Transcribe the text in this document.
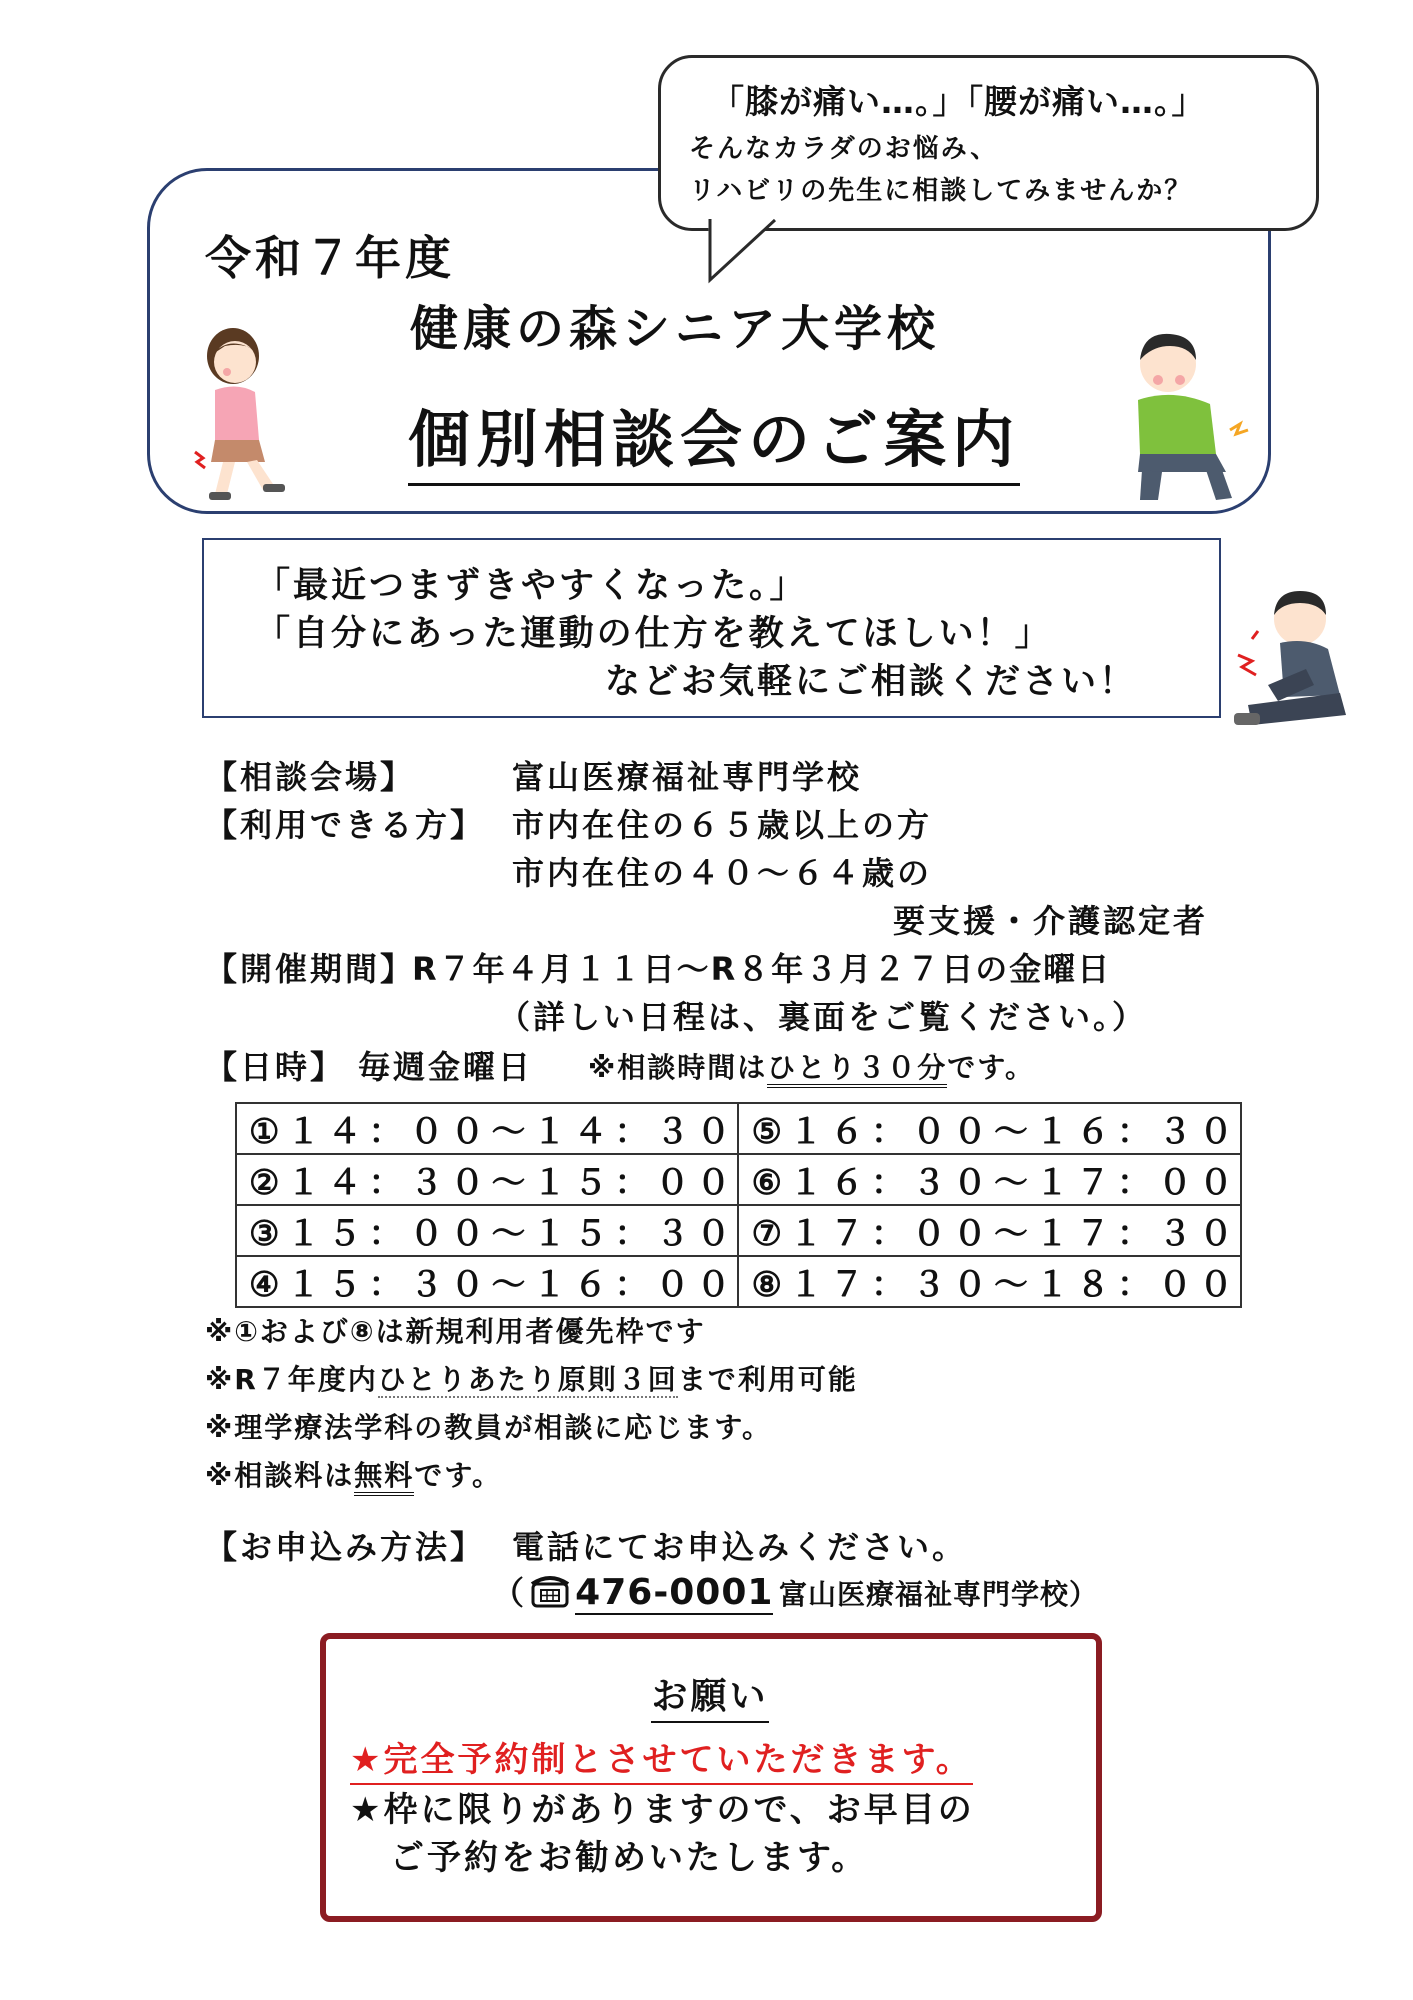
「膝が痛い…。」「腰が痛い…。」
そんなカラダのお悩み、
リハビリの先生に相談してみませんか？
令和７年度
健康の森シニア大学校
個別相談会のご案内
「最近つまずきやすくなった。」
「自分にあった運動の仕方を教えてほしい！」
などお気軽にご相談ください！
【相談会場】	富山医療福祉専門学校
【利用できる方】 市内在住の６５歳以上の方
市内在住の４０～６４歳の
要支援・介護認定者
【開催期間】
R７年４月１１日～R８年３月２７日の金曜日
（詳しい日程は、裏面をご覧ください。）
【日時】 毎週金曜日 ※相談時間はひとり３０分です。
①１４：００～１４：３０	⑤１６：００～１６：３０
②１４：３０～１５：００	⑥１６：３０～１７：００
③１５：００～１５：３０	⑦１７：００～１７：３０
④１５：３０～１６：００	⑧１７：３０～１８：００
※①および⑧は新規利用者優先枠です
※R７年度内ひとりあたり原則３回まで利用可能
※理学療法学科の教員が相談に応じます。
※相談料は無料です。
【お申込み方法】 電話にてお申込みください。
（ 476-0001 富山医療福祉専門学校）
お願い
★完全予約制とさせていただきます。
★枠に限りがありますので、お早目の
ご予約をお勧めいたします。
